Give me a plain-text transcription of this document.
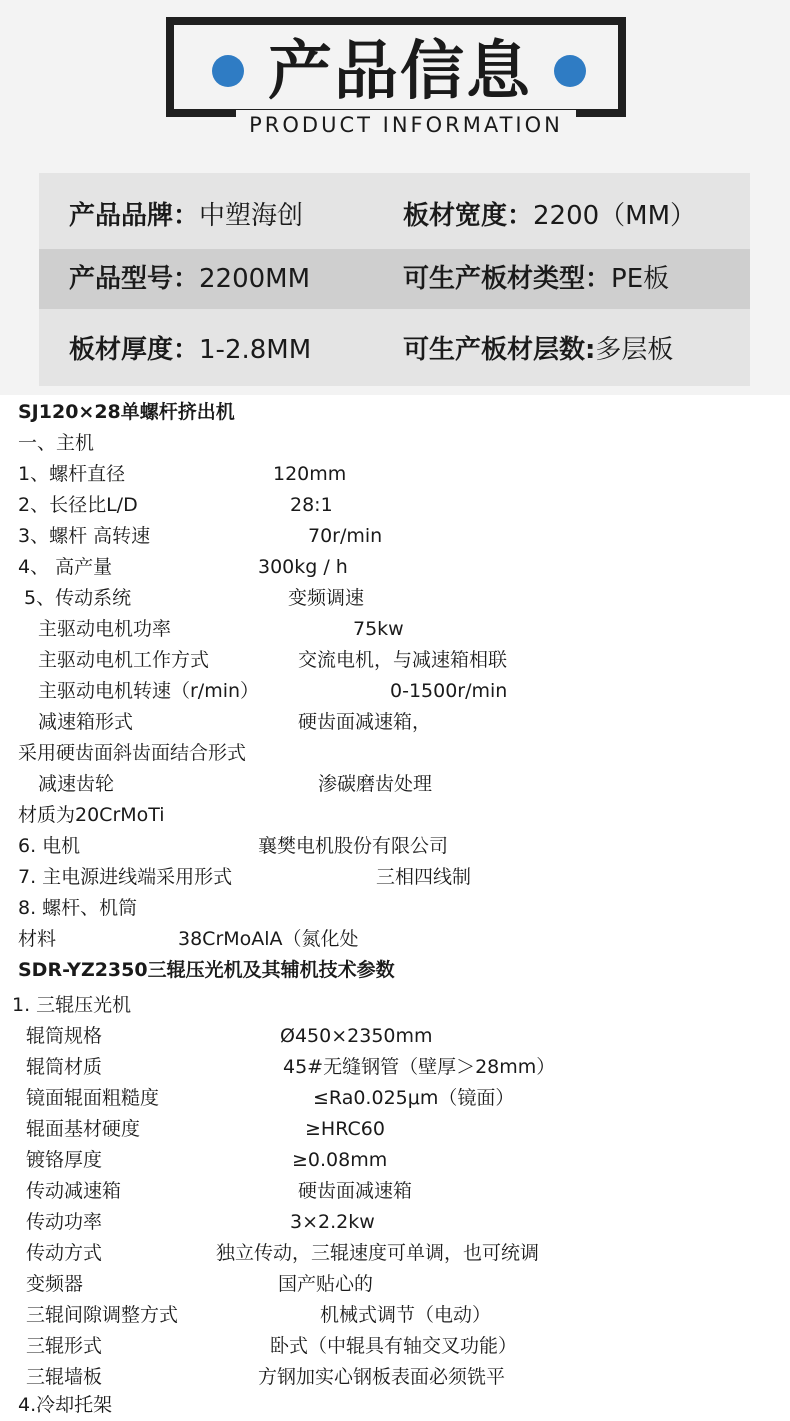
产品信息
PRODUCT INFORMATION
产品品牌：中塑海创	板材宽度：2200（MM）
产品型号：2200MM	可生产板材类型：PE板
板材厚度：1-2.8MM	可生产板材层数:多层板
SJ120×28单螺杆挤出机
一、主机
1、螺杆直径	120mm
2、长径比L/D	28:1
3、螺杆 高转速	70r/min
4、 高产量	300kg / h
5、传动系统	变频调速
主驱动电机功率	75kw
主驱动电机工作方式	交流电机，与减速箱相联
主驱动电机转速（r/min）	0-1500r/min
减速箱形式	硬齿面减速箱，
采用硬齿面斜齿面结合形式
减速齿轮	渗碳磨齿处理
材质为20CrMoTi
6. 电机	襄樊电机股份有限公司
7. 主电源进线端采用形式	三相四线制
8. 螺杆、机筒
材料	38CrMoAlA（氮化处
SDR-YZ2350三辊压光机及其辅机技术参数
1. 三辊压光机
辊筒规格	Ø450×2350mm
辊筒材质	45#无缝钢管（壁厚＞28mm）
镜面辊面粗糙度	≤Ra0.025μm（镜面）
辊面基材硬度	≥HRC60
镀铬厚度	≥0.08mm
传动减速箱	硬齿面减速箱
传动功率	3×2.2kw
传动方式	独立传动，三辊速度可单调，也可统调
变频器	国产贴心的
三辊间隙调整方式	机械式调节（电动）
三辊形式	卧式（中辊具有轴交叉功能）
三辊墙板	方钢加实心钢板表面必须铣平
4.冷却托架
